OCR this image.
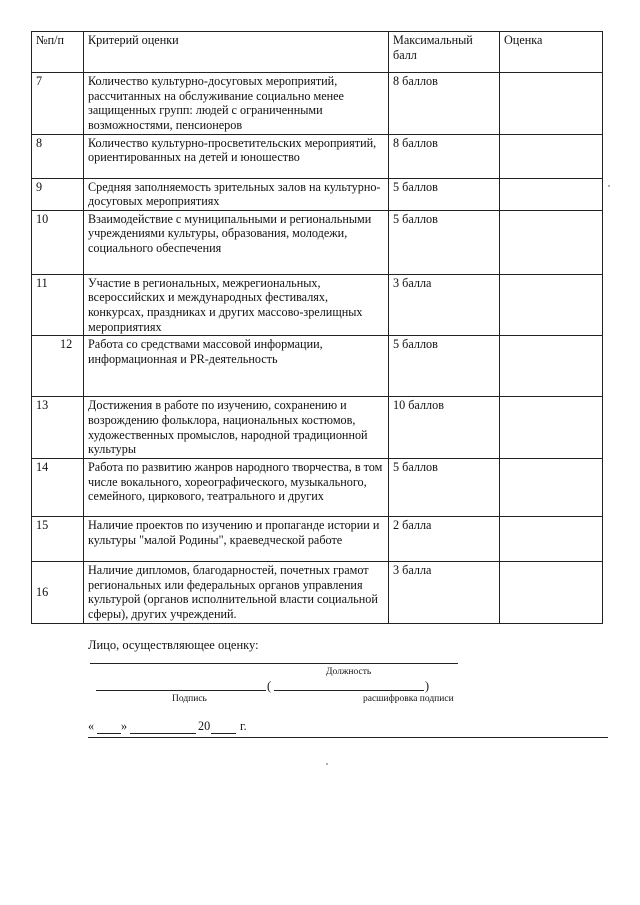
№п/п	Критерий оценки	Максимальный балл	Оценка
7	Количество культурно-досуговых мероприятий, рассчитанных на обслуживание социально менее защищенных групп: людей с ограниченными возможностями, пенсионеров	8 баллов	
8	Количество культурно-просветительских мероприятий, ориентированных на детей и юношество	8 баллов	
9	Средняя заполняемость зрительных залов на культурно-досуговых мероприятиях	5 баллов	
10	Взаимодействие с муниципальными и региональными учреждениями культуры, образования, молодежи, социального обеспечения	5 баллов	
11	Участие в региональных, межрегиональных, всероссийских и международных фестивалях, конкурсах, праздниках и других массово-зрелищных мероприятиях	3 балла	
12	Работа со средствами массовой информации, информационная и PR-деятельность	5 баллов	
13	Достижения в работе по изучению, сохранению и возрождению фольклора, национальных костюмов, художественных промыслов, народной традиционной культуры	10 баллов	
14	Работа по развитию жанров народного творчества, в том числе вокального, хореографического, музыкального, семейного, циркового, театрального и других	5 баллов	
15	Наличие проектов по изучению и пропаганде истории и культуры "малой Родины", краеведческой работе	2 балла	
16	Наличие дипломов, благодарностей, почетных грамот региональных или федеральных органов управления культурой (органов исполнительной власти социальной сферы), других учреждений.	3 балла	
Лицо, осуществляющее оценку:
Должность
(	)
Подпись	расшифровка подписи
« »	20 г.
